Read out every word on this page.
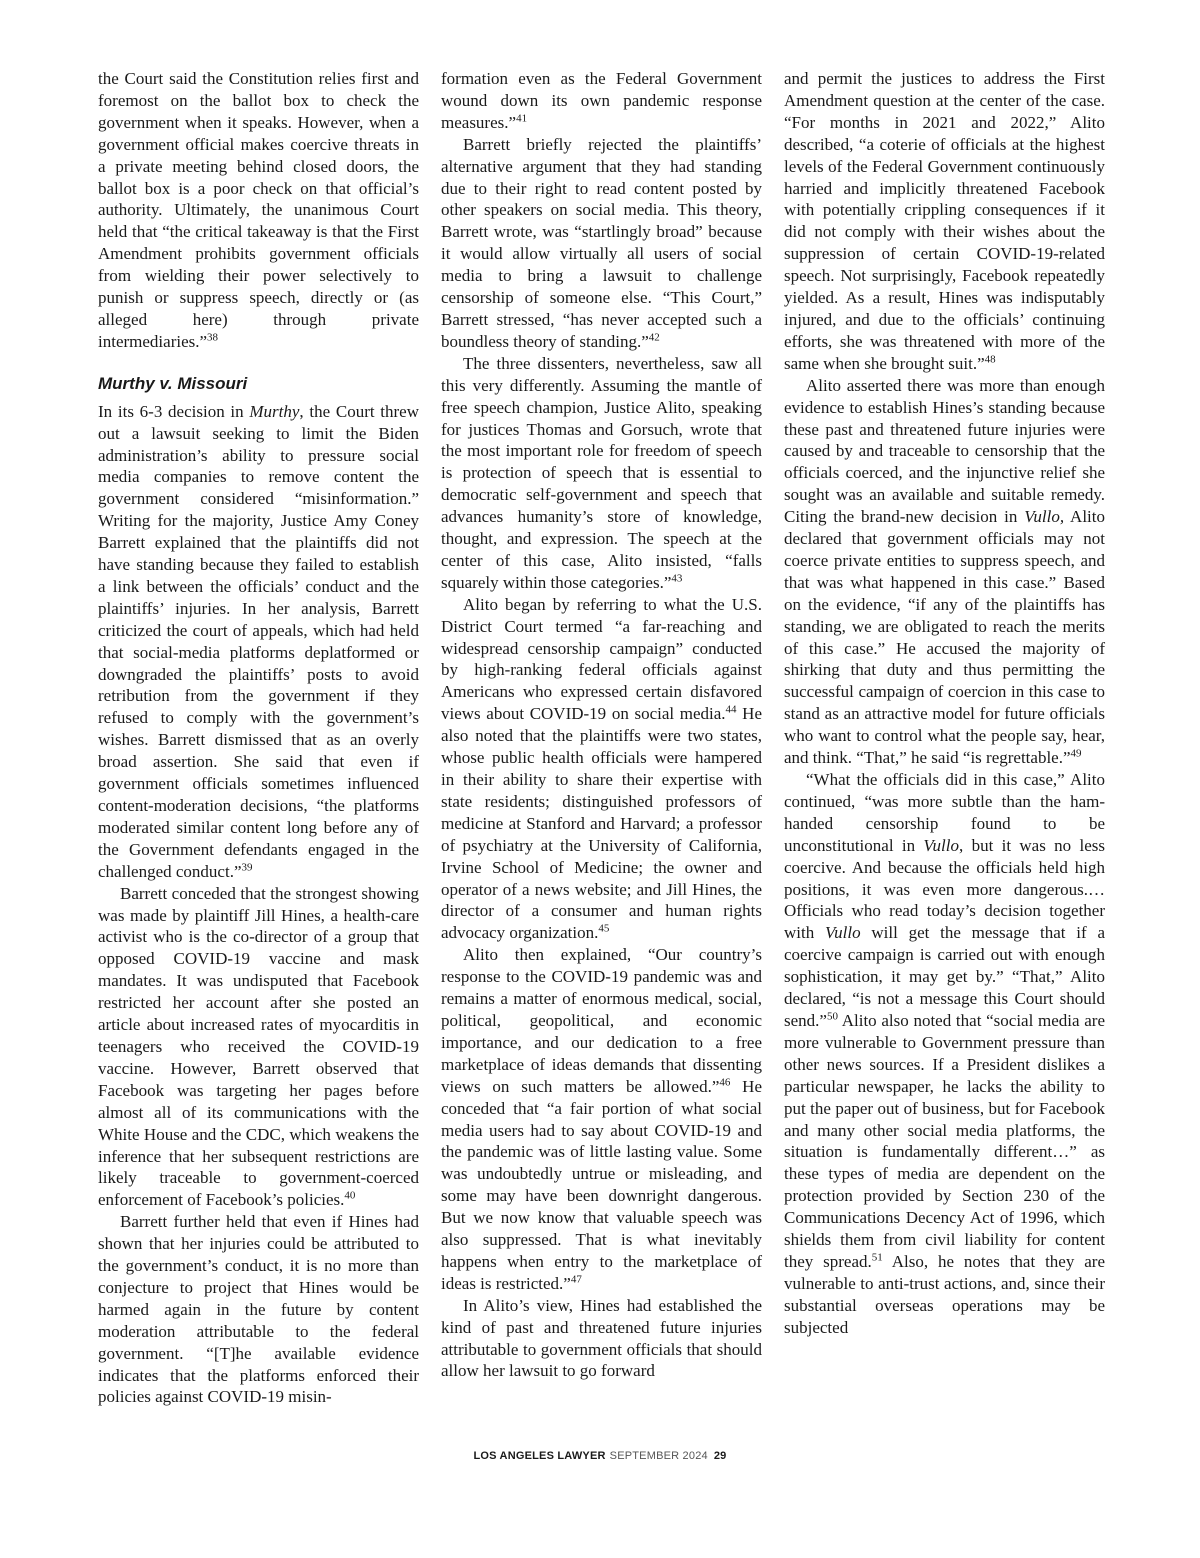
the Court said the Constitution relies first and foremost on the ballot box to check the government when it speaks. However, when a government official makes coercive threats in a private meeting behind closed doors, the ballot box is a poor check on that official’s authority. Ultimately, the unanimous Court held that “the critical takeaway is that the First Amendment prohibits government officials from wielding their power selectively to punish or suppress speech, directly or (as alleged here) through private intermediaries.”$^{38}$

Murthy v. Missouri

In its 6-3 decision in Murthy, the Court threw out a lawsuit seeking to limit the Biden administration’s ability to pressure social media companies to remove content the government considered “misinformation.” Writing for the majority, Justice Amy Coney Barrett explained that the plaintiffs did not have standing because they failed to establish a link between the officials’ conduct and the plaintiffs’ injuries. In her analysis, Barrett criticized the court of appeals, which had held that social-media platforms deplatformed or downgraded the plaintiffs’ posts to avoid retribution from the government if they refused to comply with the government’s wishes. Barrett dismissed that as an overly broad assertion. She said that even if government officials sometimes influenced content-moderation decisions, “the platforms moderated similar content long before any of the Government defendants engaged in the challenged conduct.”$^{39}$

Barrett conceded that the strongest showing was made by plaintiff Jill Hines, a health-care activist who is the co-director of a group that opposed COVID-19 vaccine and mask mandates. It was undisputed that Facebook restricted her account after she posted an article about increased rates of myocarditis in teenagers who received the COVID-19 vaccine. However, Barrett observed that Facebook was targeting her pages before almost all of its communications with the White House and the CDC, which weakens the inference that her subsequent restrictions are likely traceable to government-coerced enforcement of Facebook’s policies.$^{40}$

Barrett further held that even if Hines had shown that her injuries could be attributed to the government’s conduct, it is no more than conjecture to project that Hines would be harmed again in the future by content moderation attributable to the federal government. “[T]he available evidence indicates that the platforms enforced their policies against COVID-19 misin-

formation even as the Federal Government wound down its own pandemic response measures.”$^{41}$

Barrett briefly rejected the plaintiffs’ alternative argument that they had standing due to their right to read content posted by other speakers on social media. This theory, Barrett wrote, was “startlingly broad” because it would allow virtually all users of social media to bring a lawsuit to challenge censorship of someone else. “This Court,” Barrett stressed, “has never accepted such a boundless theory of standing.”$^{42}$

The three dissenters, nevertheless, saw all this very differently. Assuming the mantle of free speech champion, Justice Alito, speaking for justices Thomas and Gorsuch, wrote that the most important role for freedom of speech is protection of speech that is essential to democratic self-government and speech that advances humanity’s store of knowledge, thought, and expression. The speech at the center of this case, Alito insisted, “falls squarely within those categories.”$^{43}$

Alito began by referring to what the U.S. District Court termed “a far-reaching and widespread censorship campaign” conducted by high-ranking federal officials against Americans who expressed certain disfavored views about COVID-19 on social media.$^{44}$ He also noted that the plaintiffs were two states, whose public health officials were hampered in their ability to share their expertise with state residents; distinguished professors of medicine at Stanford and Harvard; a professor of psychiatry at the University of California, Irvine School of Medicine; the owner and operator of a news website; and Jill Hines, the director of a consumer and human rights advocacy organization.$^{45}$

Alito then explained, “Our country’s response to the COVID-19 pandemic was and remains a matter of enormous medical, social, political, geopolitical, and economic importance, and our dedication to a free marketplace of ideas demands that dissenting views on such matters be allowed.”$^{46}$ He conceded that “a fair portion of what social media users had to say about COVID-19 and the pandemic was of little lasting value. Some was undoubtedly untrue or misleading, and some may have been downright dangerous. But we now know that valuable speech was also suppressed. That is what inevitably happens when entry to the marketplace of ideas is restricted.”$^{47}$

In Alito’s view, Hines had established the kind of past and threatened future injuries attributable to government officials that should allow her lawsuit to go forward

and permit the justices to address the First Amendment question at the center of the case. “For months in 2021 and 2022,” Alito described, “a coterie of officials at the highest levels of the Federal Government continuously harried and implicitly threatened Facebook with potentially crippling consequences if it did not comply with their wishes about the suppression of certain COVID-19-related speech. Not surprisingly, Facebook repeatedly yielded. As a result, Hines was indisputably injured, and due to the officials’ continuing efforts, she was threatened with more of the same when she brought suit.”$^{48}$

Alito asserted there was more than enough evidence to establish Hines’s standing because these past and threatened future injuries were caused by and traceable to censorship that the officials coerced, and the injunctive relief she sought was an available and suitable remedy. Citing the brand-new decision in Vullo, Alito declared that government officials may not coerce private entities to suppress speech, and that was what happened in this case.” Based on the evidence, “if any of the plaintiffs has standing, we are obligated to reach the merits of this case.” He accused the majority of shirking that duty and thus permitting the successful campaign of coercion in this case to stand as an attractive model for future officials who want to control what the people say, hear, and think. “That,” he said “is regrettable.”$^{49}$

“What the officials did in this case,” Alito continued, “was more subtle than the ham-handed censorship found to be unconstitutional in Vullo, but it was no less coercive. And because the officials held high positions, it was even more dangerous.… Officials who read today’s decision together with Vullo will get the message that if a coercive campaign is carried out with enough sophistication, it may get by.” “That,” Alito declared, “is not a message this Court should send.”$^{50}$ Alito also noted that “social media are more vulnerable to Government pressure than other news sources. If a President dislikes a particular newspaper, he lacks the ability to put the paper out of business, but for Facebook and many other social media platforms, the situation is fundamentally different…” as these types of media are dependent on the protection provided by Section 230 of the Communications Decency Act of 1996, which shields them from civil liability for content they spread.$^{51}$ Also, he notes that they are vulnerable to anti-trust actions, and, since their substantial overseas operations may be subjected

LOS ANGELES LAWYER SEPTEMBER 2024 29
